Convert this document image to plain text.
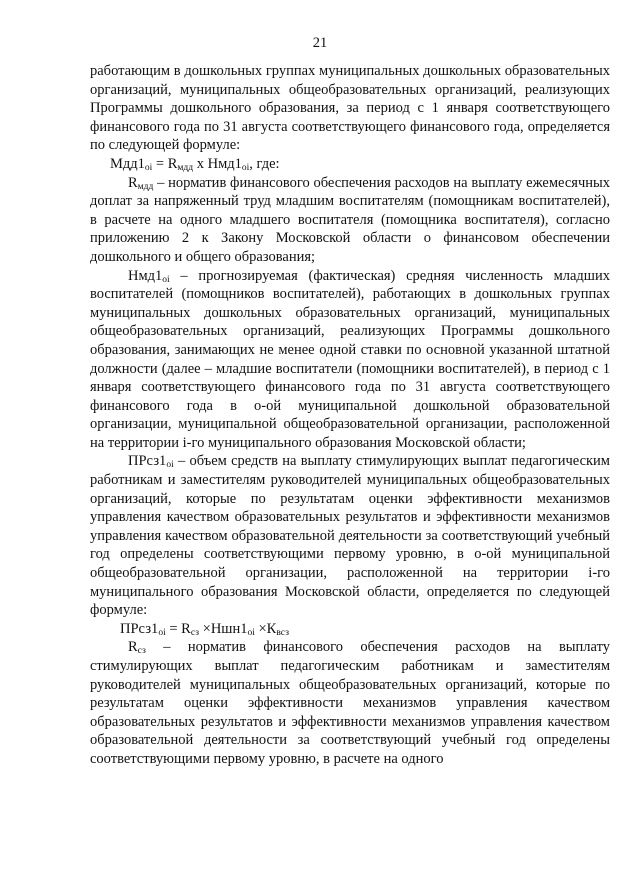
21

работающим в дошкольных группах муниципальных дошкольных образовательных организаций, муниципальных общеобразовательных организаций, реализующих Программы дошкольного образования, за период с 1 января соответствующего финансового года по 31 августа соответствующего финансового года, определяется по следующей формуле:

$Мдд1_{oi} = R_{мдд}$ х $Нмд1_{oi}$, где:

$R_{мдд}$ – норматив финансового обеспечения расходов на выплату ежемесячных доплат за напряженный труд младшим воспитателям (помощникам воспитателей), в расчете на одного младшего воспитателя (помощника воспитателя), согласно приложению 2 к Закону Московской области о финансовом обеспечении дошкольного и общего образования;

$Нмд1_{oi}$ – прогнозируемая (фактическая) средняя численность младших воспитателей (помощников воспитателей), работающих в дошкольных группах муниципальных дошкольных образовательных организаций, муниципальных общеобразовательных организаций, реализующих Программы дошкольного образования, занимающих не менее одной ставки по основной указанной штатной должности (далее – младшие воспитатели (помощники воспитателей), в период с 1 января соответствующего финансового года по 31 августа соответствующего финансового года в о-ой муниципальной дошкольной образовательной организации, муниципальной общеобразовательной организации, расположенной на территории i-го муниципального образования Московской области;

$ПРсз1_{oi}$ – объем средств на выплату стимулирующих выплат педагогическим работникам и заместителям руководителей муниципальных общеобразовательных организаций, которые по результатам оценки эффективности механизмов управления качеством образовательных результатов и эффективности механизмов управления качеством образовательной деятельности за соответствующий учебный год определены соответствующими первому уровню, в о-ой муниципальной общеобразовательной организации, расположенной на территории i-го муниципального образования Московской области, определяется по следующей формуле:

$ПРсз1_{oi} = R_{сз} \times Ншн1_{oi} \times К_{всз}$

$R_{сз}$ – норматив финансового обеспечения расходов на выплату стимулирующих выплат педагогическим работникам и заместителям руководителей муниципальных общеобразовательных организаций, которые по результатам оценки эффективности механизмов управления качеством образовательных результатов и эффективности механизмов управления качеством образовательной деятельности за соответствующий учебный год определены соответствующими первому уровню, в расчете на одного
